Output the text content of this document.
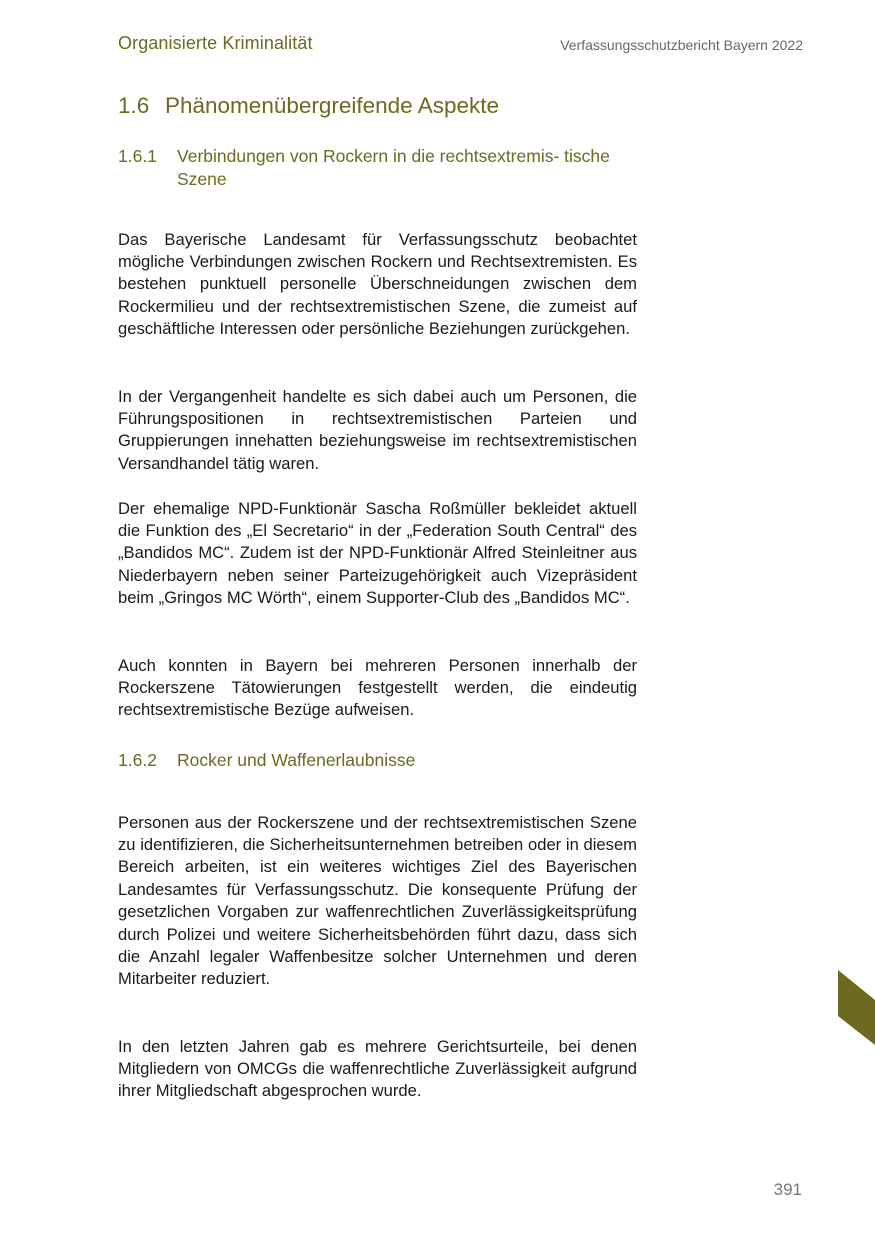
Organisierte Kriminalität	Verfassungsschutzbericht Bayern 2022
1.6 Phänomenübergreifende Aspekte
1.6.1 Verbindungen von Rockern in die rechtsextremis- tische Szene

Das Bayerische Landesamt für Verfassungsschutz beobachtet mögliche Verbindungen zwischen Rockern und Rechtsextremisten. Es bestehen punktuell personelle Überschneidungen zwischen dem Rockermilieu und der rechtsextremistischen Szene, die zumeist auf geschäftliche Interessen oder persönliche Beziehungen zurückgehen.

In der Vergangenheit handelte es sich dabei auch um Personen, die Führungspositionen in rechtsextremistischen Parteien und Gruppierungen innehatten beziehungsweise im rechtsextremistischen Versandhandel tätig waren.

Der ehemalige NPD-Funktionär Sascha Roßmüller bekleidet aktuell die Funktion des „El Secretario“ in der „Federation South Central“ des „Bandidos MC“. Zudem ist der NPD-Funktionär Alfred Steinleitner aus Niederbayern neben seiner Parteizugehörigkeit auch Vizepräsident beim „Gringos MC Wörth“, einem Supporter-Club des „Bandidos MC“.

Auch konnten in Bayern bei mehreren Personen innerhalb der Rockerszene Tätowierungen festgestellt werden, die eindeutig rechtsextremistische Bezüge aufweisen.

1.6.2 Rocker und Waffenerlaubnisse

Personen aus der Rockerszene und der rechtsextremistischen Szene zu identifizieren, die Sicherheitsunternehmen betreiben oder in diesem Bereich arbeiten, ist ein weiteres wichtiges Ziel des Bayerischen Landesamtes für Verfassungsschutz. Die konsequente Prüfung der gesetzlichen Vorgaben zur waffenrechtlichen Zuverlässigkeitsprüfung durch Polizei und weitere Sicherheitsbehörden führt dazu, dass sich die Anzahl legaler Waffenbesitze solcher Unternehmen und deren Mitarbeiter reduziert.

In den letzten Jahren gab es mehrere Gerichtsurteile, bei denen Mitgliedern von OMCGs die waffenrechtliche Zuverlässigkeit aufgrund ihrer Mitgliedschaft abgesprochen wurde.

391
